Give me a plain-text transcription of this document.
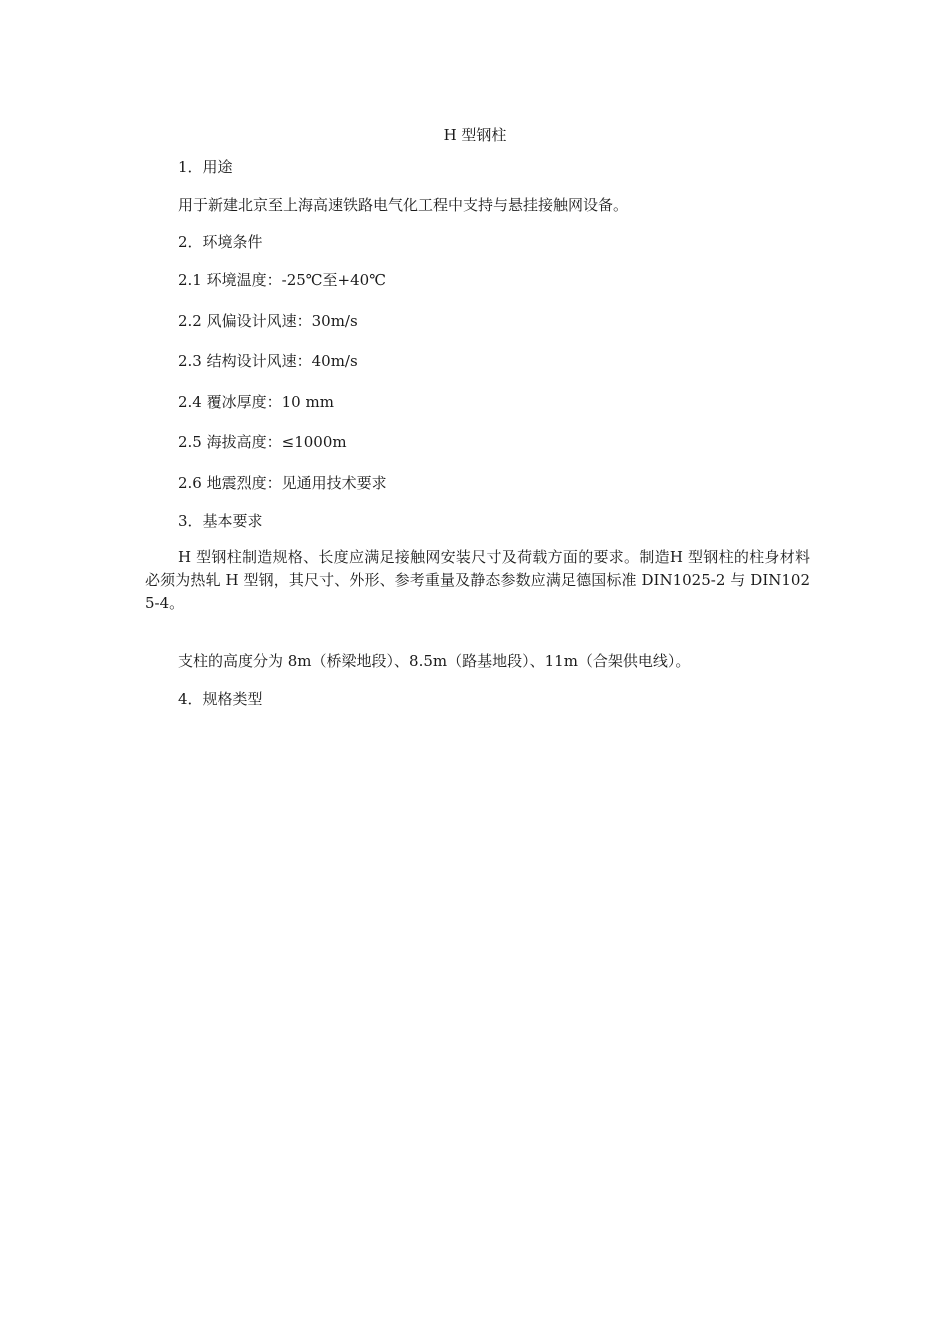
H 型钢柱
1．用途
用于新建北京至上海高速铁路电气化工程中支持与悬挂接触网设备。
2．环境条件
2.1 环境温度：-25℃至+40℃
2.2 风偏设计风速：30m/s
2.3 结构设计风速：40m/s
2.4 覆冰厚度：10 mm
2.5 海拔高度：≤1000m
2.6 地震烈度：见通用技术要求
3．基本要求
H 型钢柱制造规格、长度应满足接触网安装尺寸及荷载方面的要求。制造H 型钢柱的柱身材料必须为热轧 H 型钢，其尺寸、外形、参考重量及静态参数应满足德国标准 DIN1025-2 与 DIN1025-4。
支柱的高度分为 8m（桥梁地段）、8.5m（路基地段）、11m（合架供电线）。
4．规格类型
